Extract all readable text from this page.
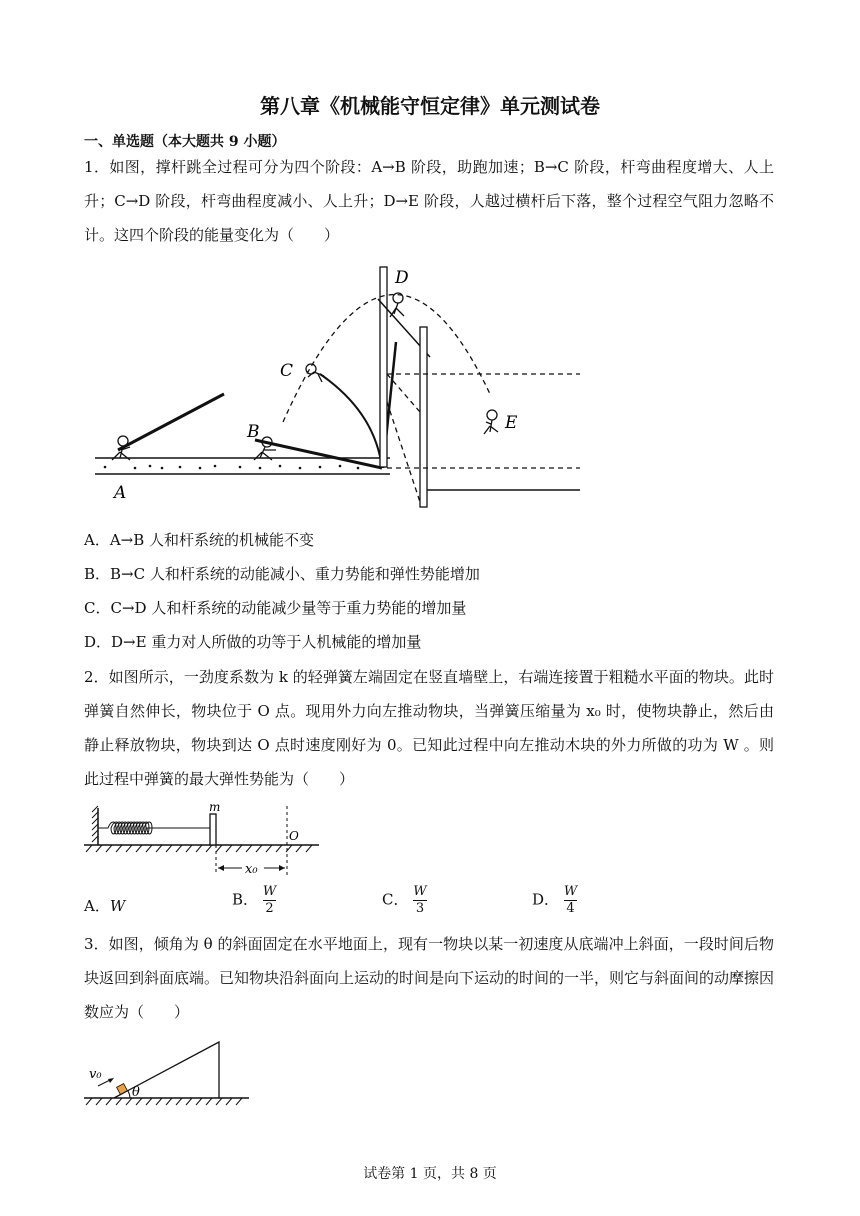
第八章《机械能守恒定律》单元测试卷
一、单选题（本大题共 9 小题）
1．如图，撑杆跳全过程可分为四个阶段：A→B 阶段，助跑加速；B→C 阶段，杆弯曲程度增大、人上升；C→D 阶段，杆弯曲程度减小、人上升；D→E 阶段，人越过横杆后下落，整个过程空气阻力忽略不计。这四个阶段的能量变化为（　　）
A
B
C
D
E
A．A→B 人和杆系统的机械能不变
B．B→C 人和杆系统的动能减小、重力势能和弹性势能增加
C．C→D 人和杆系统的动能减少量等于重力势能的增加量
D．D→E 重力对人所做的功等于人机械能的增加量
2．如图所示，一劲度系数为 k 的轻弹簧左端固定在竖直墙壁上，右端连接置于粗糙水平面的物块。此时弹簧自然伸长，物块位于 O 点。现用外力向左推动物块，当弹簧压缩量为 x₀ 时，使物块静止，然后由静止释放物块，物块到达 O 点时速度刚好为 0。已知此过程中向左推动木块的外力所做的功为 W 。则此过程中弹簧的最大弹性势能为（　　）
m
O
x₀
A．W	B． $\frac{W}{2}$	C． $\frac{W}{3}$	D． $\frac{W}{4}$
3．如图，倾角为 θ 的斜面固定在水平地面上，现有一物块以某一初速度从底端冲上斜面，一段时间后物块返回到斜面底端。已知物块沿斜面向上运动的时间是向下运动的时间的一半，则它与斜面间的动摩擦因数应为（　　）
v₀
θ
试卷第 1 页，共 8 页
